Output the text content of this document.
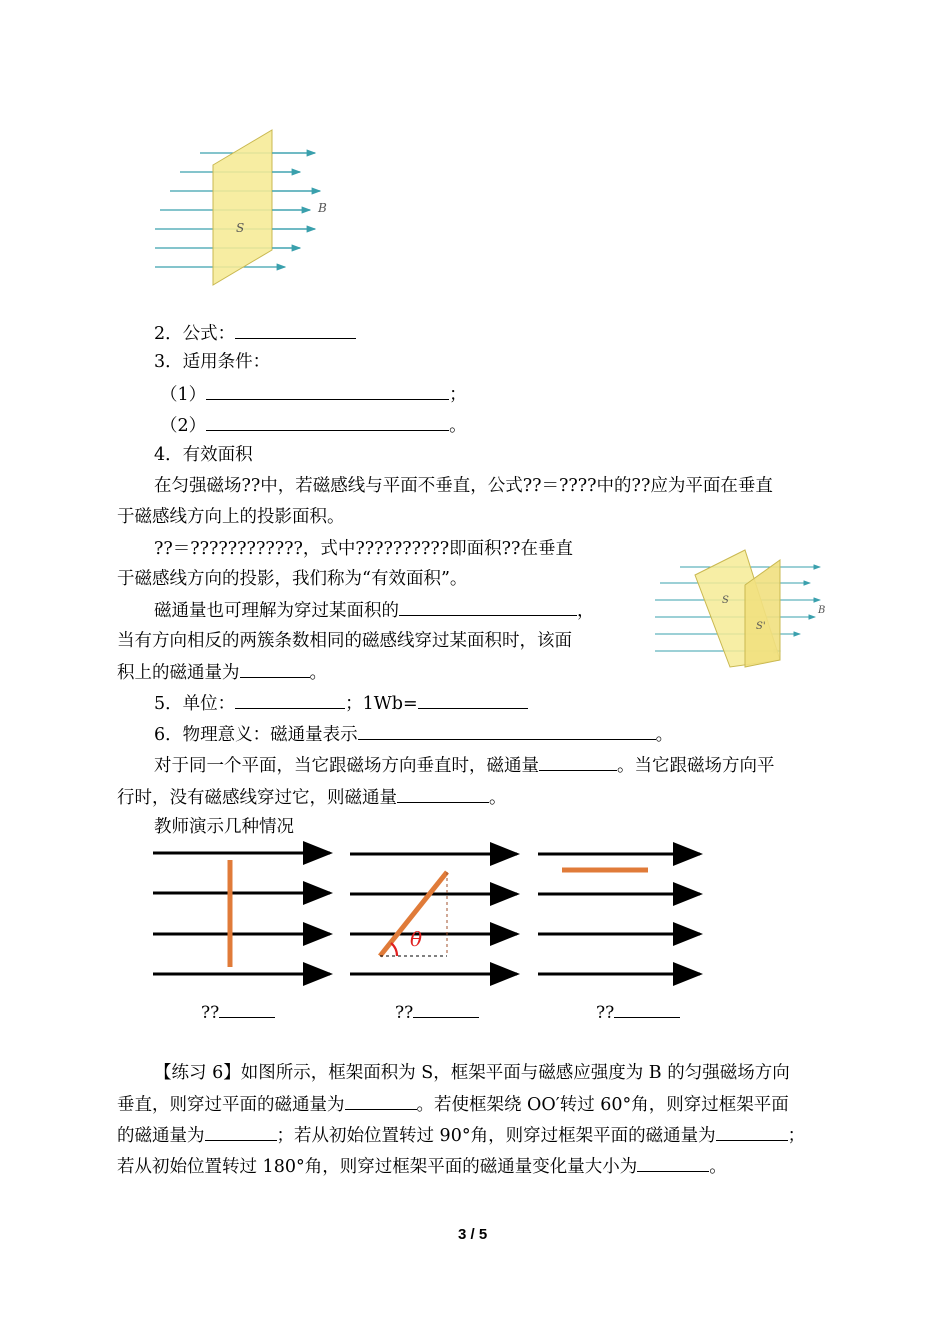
S
B
2．公式：
3．适用条件：
（1）	；
（2）	。
4．有效面积
在匀强磁场??中，若磁感线与平面不垂直，公式??＝????中的??应为平面在垂直
于磁感线方向上的投影面积。
??＝????????????，式中??????????即面积??在垂直
于磁感线方向的投影，我们称为“有效面积”。
磁通量也可理解为穿过某面积的	，
当有方向相反的两簇条数相同的磁感线穿过某面积时，该面
积上的磁通量为	。
S
S'
B
5．单位：	；1Wb=
6．物理意义：磁通量表示	。
对于同一个平面，当它跟磁场方向垂直时，磁通量	。当它跟磁场方向平
行时，没有磁感线穿过它，则磁通量	。
教师演示几种情况
θ
??	??	??
【练习 6】如图所示，框架面积为 S，框架平面与磁感应强度为 B 的匀强磁场方向
垂直，则穿过平面的磁通量为	。若使框架绕 OO′转过 60°角，则穿过框架平面
的磁通量为	；若从初始位置转过 90°角，则穿过框架平面的磁通量为	；
若从初始位置转过 180°角，则穿过框架平面的磁通量变化量大小为	。
3 / 5
